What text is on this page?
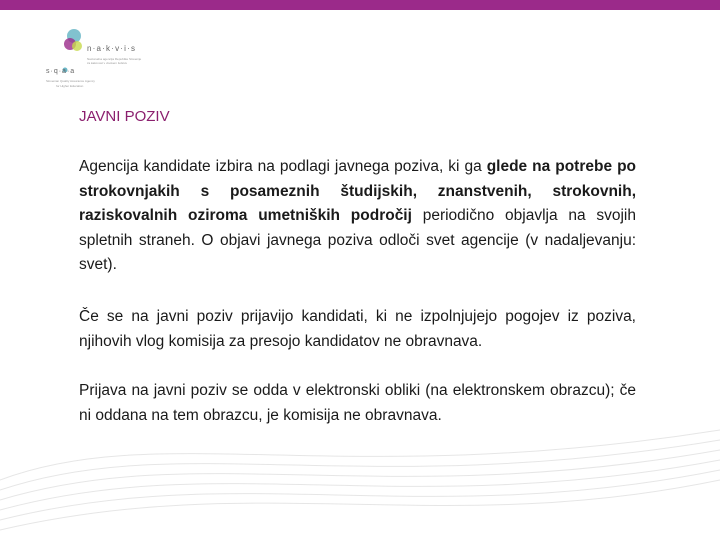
n·a·k·v·i·s
Nacionalna agencija Republike Slovenije
za kakovost v visokem šolstvu
s·q·a·a
Slovenian Quality Assurance Agency
for Higher Education
JAVNI POZIV
Agencija kandidate izbira na podlagi javnega poziva, ki ga glede na potrebe po strokovnjakih s posameznih študijskih, znanstvenih, strokovnih, raziskovalnih oziroma umetniških področij periodično objavlja na svojih spletnih straneh. O objavi javnega poziva odloči svet agencije (v nadaljevanju: svet).
Če se na javni poziv prijavijo kandidati, ki ne izpolnjujejo pogojev iz poziva, njihovih vlog komisija za presojo kandidatov ne obravnava.
Prijava na javni poziv se odda v elektronski obliki (na elektronskem obrazcu); če ni oddana na tem obrazcu, je komisija ne obravnava.
